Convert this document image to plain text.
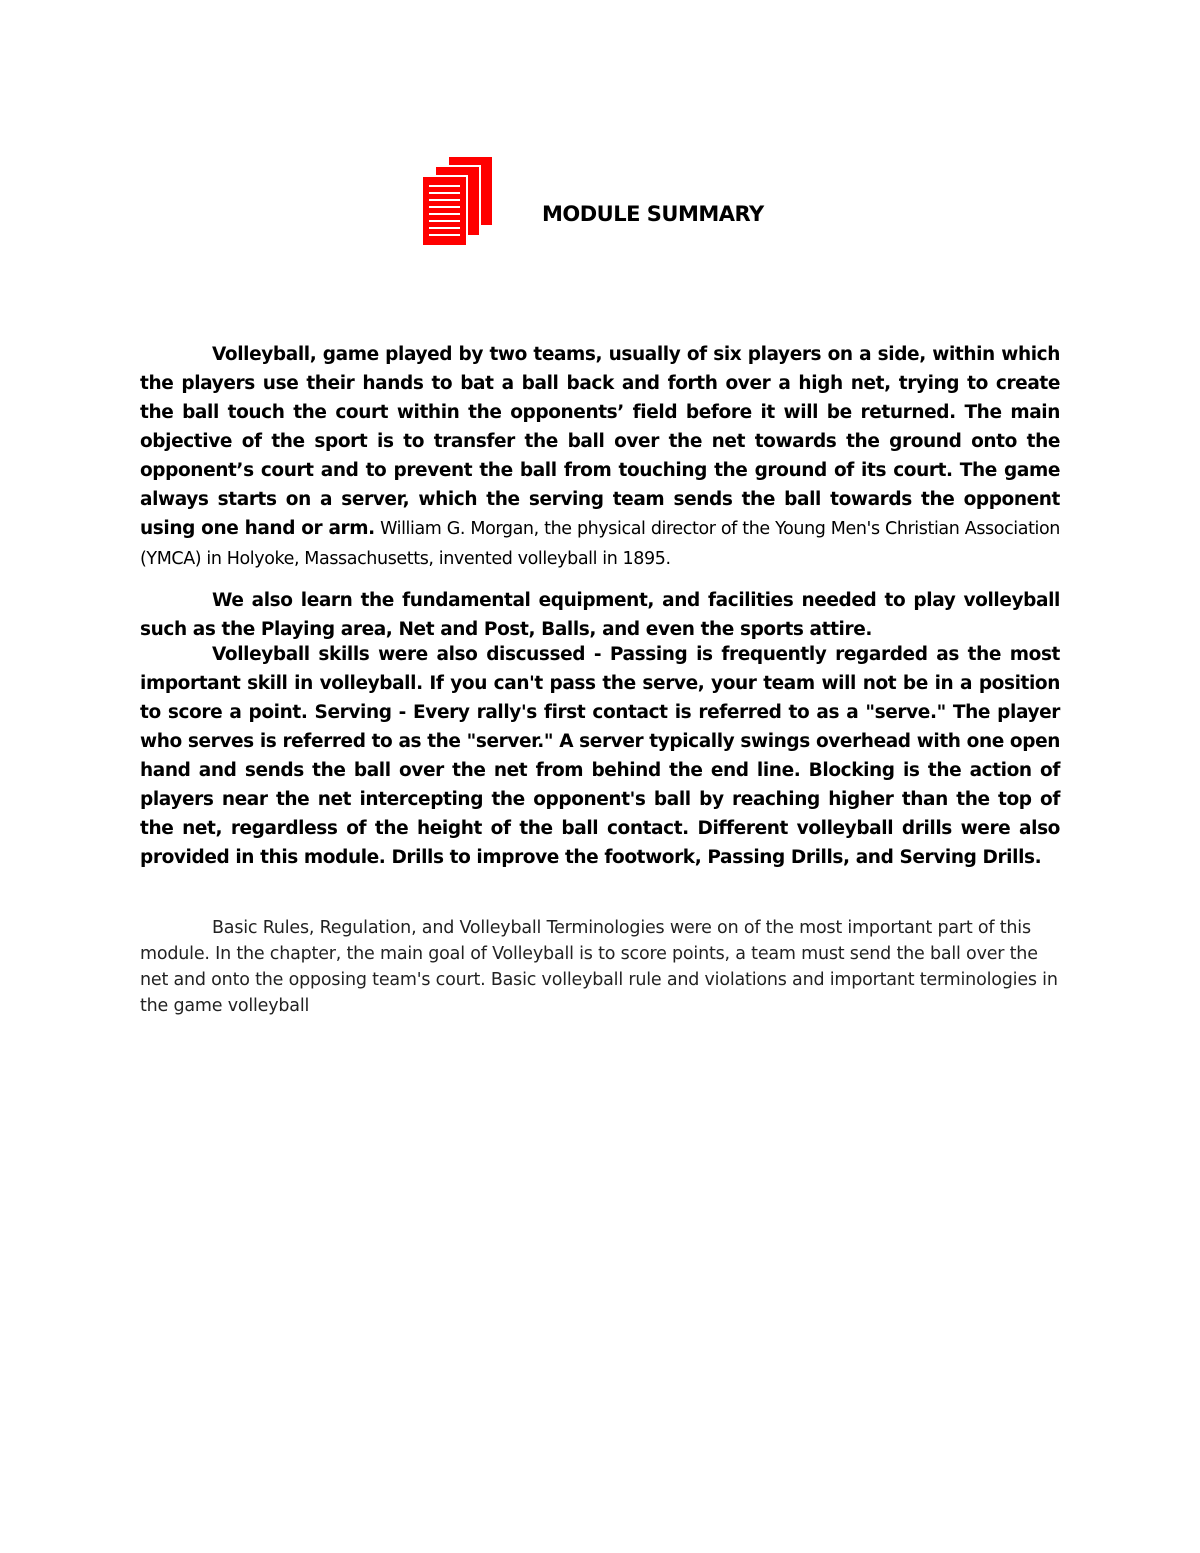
MODULE SUMMARY

Volleyball, game played by two teams, usually of six players on a side, within which the players use their hands to bat a ball back and forth over a high net, trying to create the ball touch the court within the opponents’ field before it will be returned. The main objective of the sport is to transfer the ball over the net towards the ground onto the opponent’s court and to prevent the ball from touching the ground of its court. The game always starts on a server, which the serving team sends the ball towards the opponent using one hand or arm. William G. Morgan, the physical director of the Young Men's Christian Association (YMCA) in Holyoke, Massachusetts, invented volleyball in 1895.

We also learn the fundamental equipment, and facilities needed to play volleyball such as the Playing area, Net and Post, Balls, and even the sports attire.

Volleyball skills were also discussed - Passing is frequently regarded as the most important skill in volleyball. If you can't pass the serve, your team will not be in a position to score a point. Serving - Every rally's first contact is referred to as a "serve." The player who serves is referred to as the "server." A server typically swings overhead with one open hand and sends the ball over the net from behind the end line. Blocking is the action of players near the net intercepting the opponent's ball by reaching higher than the top of the net, regardless of the height of the ball contact. Different volleyball drills were also provided in this module. Drills to improve the footwork, Passing Drills, and Serving Drills.

Basic Rules, Regulation, and Volleyball Terminologies were on of the most important part of this module. In the chapter, the main goal of Volleyball is to score points, a team must send the ball over the net and onto the opposing team's court. Basic volleyball rule and violations and important terminologies in the game volleyball
